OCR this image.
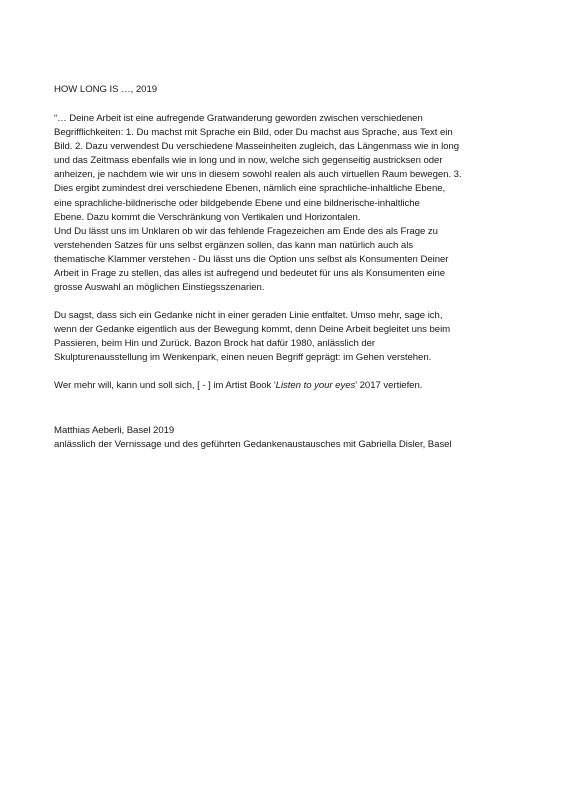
HOW LONG IS …, 2019
“… Deine Arbeit ist eine aufregende Gratwanderung geworden zwischen verschiedenen
Begrifflichkeiten: 1. Du machst mit Sprache ein Bild, oder Du machst aus Sprache, aus Text ein
Bild. 2. Dazu verwendest Du verschiedene Masseinheiten zugleich, das Längenmass wie in long
und das Zeitmass ebenfalls wie in long und in now, welche sich gegenseitig austricksen oder
anheizen, je nachdem wie wir uns in diesem sowohl realen als auch virtuellen Raum bewegen. 3.
Dies ergibt zumindest drei verschiedene Ebenen, nämlich eine sprachliche-inhaltliche Ebene,
eine sprachliche-bildnerische oder bildgebende Ebene und eine bildnerische-inhaltliche
Ebene. Dazu kommt die Verschränkung von Vertikalen und Horizontalen.
Und Du lässt uns im Unklaren ob wir das fehlende Fragezeichen am Ende des als Frage zu
verstehenden Satzes für uns selbst ergänzen sollen, das kann man natürlich auch als
thematische Klammer verstehen - Du lässt uns die Option uns selbst als Konsumenten Deiner
Arbeit in Frage zu stellen, das alles ist aufregend und bedeutet für uns als Konsumenten eine
grosse Auswahl an möglichen Einstiegsszenarien.
Du sagst, dass sich ein Gedanke nicht in einer geraden Linie entfaltet. Umso mehr, sage ich,
wenn der Gedanke eigentlich aus der Bewegung kommt, denn Deine Arbeit begleitet uns beim
Passieren, beim Hin und Zurück. Bazon Brock hat dafür 1980, anlässlich der
Skulpturenausstellung im Wenkenpark, einen neuen Begriff geprägt: im Gehen verstehen.
Wer mehr will, kann und soll sich, [ - ] im Artist Book 'Listen to your eyes' 2017 vertiefen.
Matthias Aeberli, Basel 2019
anlässlich der Vernissage und des geführten Gedankenaustausches mit Gabriella Disler, Basel
